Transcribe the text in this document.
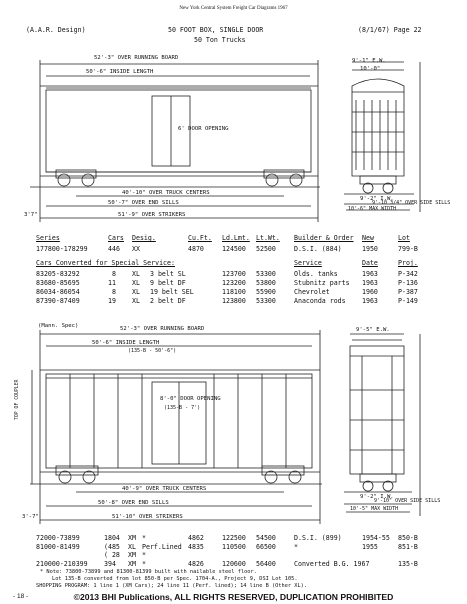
New York Central System Freight Car Diagrams 1967
(A.A.R. Design)	50 FOOT BOX, SINGLE DOOR
50 Ton Trucks
(8/1/67) Page 22
52'-3" OVER RUNNING BOARD
50'-6" INSIDE LENGTH
6' DOOR OPENING
40'-10" OVER TRUCK CENTERS
50'-7" OVER END SILLS
51'-9" OVER STRIKERS
3'7"
9'-1" E.W.
10'-0"
9'-2" I.W.
9'-10 3/4" OVER SIDE SILLS
10'-6" MAX WIDTH
Series	Cars Desig.	Cu.Ft. Ld.Lmt. Lt.Wt. Builder & Order New	Lot
177800-178299	446 XX	4870	124500 52500	D.S.I. (884)	1950	799-B
Cars Converted for Special Service:	Service	Date	Proj.
83205-83292	8 XL 3 belt SL	123700 53300	Olds. tanks	1963	P-342
83680-85695	11 XL 9 belt DF	123200 53800	Stubnitz parts 1963	P-136
86034-86054	8 XL 19 belt SEL	118100 55900	Chevrolet	1960	P-387
87390-87409	19 XL 2 belt DF	123800 53300	Anaconda rods 1963	P-149
(Mann. Spec)	52'-3" OVER RUNNING BOARD
50'-6" INSIDE LENGTH
(135-B - 50'-6")
8'-0" DOOR OPENING
(135-B - 7')
TOP OF COUPLER
40'-9" OVER TRUCK CENTERS
50'-8" OVER END SILLS
51'-10" OVER STRIKERS
3'-7"
9'-5" E.W.
9'-2" I.W.
9'-10" OVER SIDE SILLS
10'-5" MAX WIDTH
72000-73899	1804 XM *	4862	122500 54500	D.S.I. (899)	1954-55 850-B
81000-81499	(485 XL Perf.Lined 4835	110500 66500	*	1955	851-B
( 28 XM *
210000-210399 394 XM *	4826	120600 56400	Converted B.G. 1967	135-B
* Note: 73800-73899 and 81300-81399 built with nailable steel floor.
Lot 135-B converted from lot 850-B per Spec. 1704-A., Project 9, DSI Lot 105.
SHOPPING PROGRAM: 1 line 1 (XM Cars); 24 line 11 (Perf. lined); 14 line B (Other XL).
- 18 -	©2013 BHI Publications, ALL RIGHTS RESERVED, DUPLICATION PROHIBITED
